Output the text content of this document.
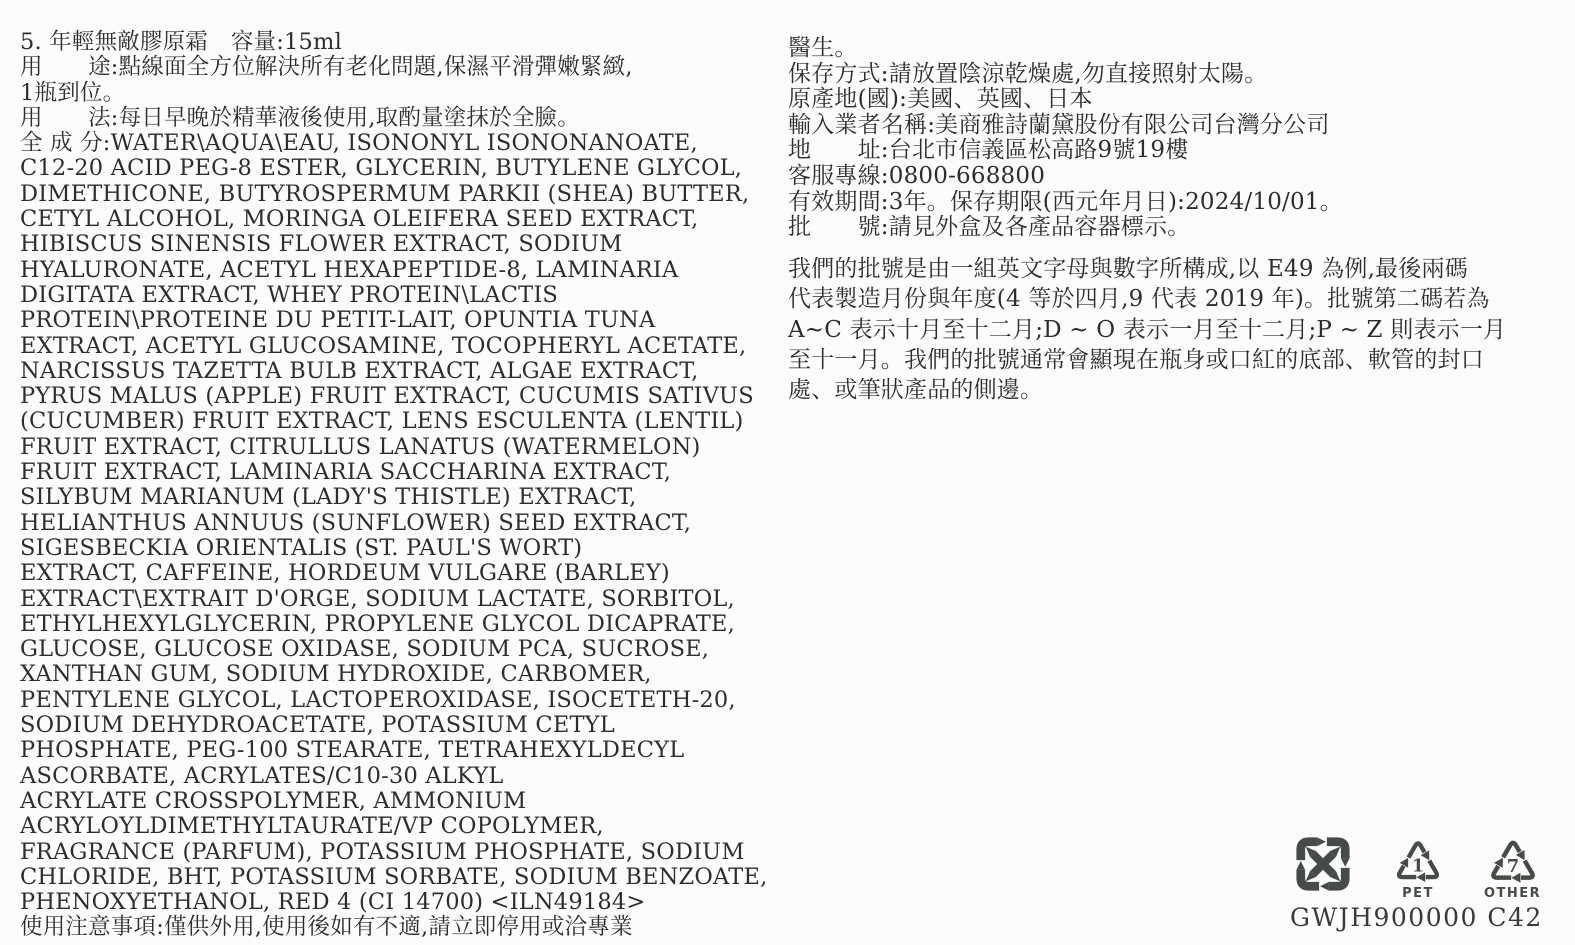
5. 年輕無敵膠原霜　容量:15ml
用　　途:點線面全方位解決所有老化問題,保濕平滑彈嫩緊緻,
1瓶到位。
用　　法:每日早晚於精華液後使用,取酌量塗抹於全臉。
全 成 分:WATER\AQUA\EAU, ISONONYL ISONONANOATE,
C12-20 ACID PEG-8 ESTER, GLYCERIN, BUTYLENE GLYCOL,
DIMETHICONE, BUTYROSPERMUM PARKII (SHEA) BUTTER,
CETYL ALCOHOL, MORINGA OLEIFERA SEED EXTRACT,
HIBISCUS SINENSIS FLOWER EXTRACT, SODIUM
HYALURONATE, ACETYL HEXAPEPTIDE-8, LAMINARIA
DIGITATA EXTRACT, WHEY PROTEIN\LACTIS
PROTEIN\PROTEINE DU PETIT-LAIT, OPUNTIA TUNA
EXTRACT, ACETYL GLUCOSAMINE, TOCOPHERYL ACETATE,
NARCISSUS TAZETTA BULB EXTRACT, ALGAE EXTRACT,
PYRUS MALUS (APPLE) FRUIT EXTRACT, CUCUMIS SATIVUS
(CUCUMBER) FRUIT EXTRACT, LENS ESCULENTA (LENTIL)
FRUIT EXTRACT, CITRULLUS LANATUS (WATERMELON)
FRUIT EXTRACT, LAMINARIA SACCHARINA EXTRACT,
SILYBUM MARIANUM (LADY'S THISTLE) EXTRACT,
HELIANTHUS ANNUUS (SUNFLOWER) SEED EXTRACT,
SIGESBECKIA ORIENTALIS (ST. PAUL'S WORT)
EXTRACT, CAFFEINE, HORDEUM VULGARE (BARLEY)
EXTRACT\EXTRAIT D'ORGE, SODIUM LACTATE, SORBITOL,
ETHYLHEXYLGLYCERIN, PROPYLENE GLYCOL DICAPRATE,
GLUCOSE, GLUCOSE OXIDASE, SODIUM PCA, SUCROSE,
XANTHAN GUM, SODIUM HYDROXIDE, CARBOMER,
PENTYLENE GLYCOL, LACTOPEROXIDASE, ISOCETETH-20,
SODIUM DEHYDROACETATE, POTASSIUM CETYL
PHOSPHATE, PEG-100 STEARATE, TETRAHEXYLDECYL
ASCORBATE, ACRYLATES/C10-30 ALKYL
ACRYLATE CROSSPOLYMER, AMMONIUM
ACRYLOYLDIMETHYLTAURATE/VP COPOLYMER,
FRAGRANCE (PARFUM), POTASSIUM PHOSPHATE, SODIUM
CHLORIDE, BHT, POTASSIUM SORBATE, SODIUM BENZOATE,
PHENOXYETHANOL, RED 4 (CI 14700) <ILN49184>
使用注意事項:僅供外用,使用後如有不適,請立即停用或洽專業
醫生。
保存方式:請放置陰涼乾燥處,勿直接照射太陽。
原產地(國):美國、英國、日本
輸入業者名稱:美商雅詩蘭黛股份有限公司台灣分公司
地　　址:台北市信義區松高路9號19樓
客服專線:0800-668800
有效期間:3年。保存期限(西元年月日):2024/10/01。
批　　號:請見外盒及各產品容器標示。
我們的批號是由一組英文字母與數字所構成,以 E49 為例,最後兩碼
代表製造月份與年度(4 等於四月,9 代表 2019 年)。批號第二碼若為
A~C 表示十月至十二月;D ~ O 表示一月至十二月;P ~ Z 則表示一月
至十一月。我們的批號通常會顯現在瓶身或口紅的底部、軟管的封口
處、或筆狀產品的側邊。
1
PET
7
OTHER
GWJH900000 C42
